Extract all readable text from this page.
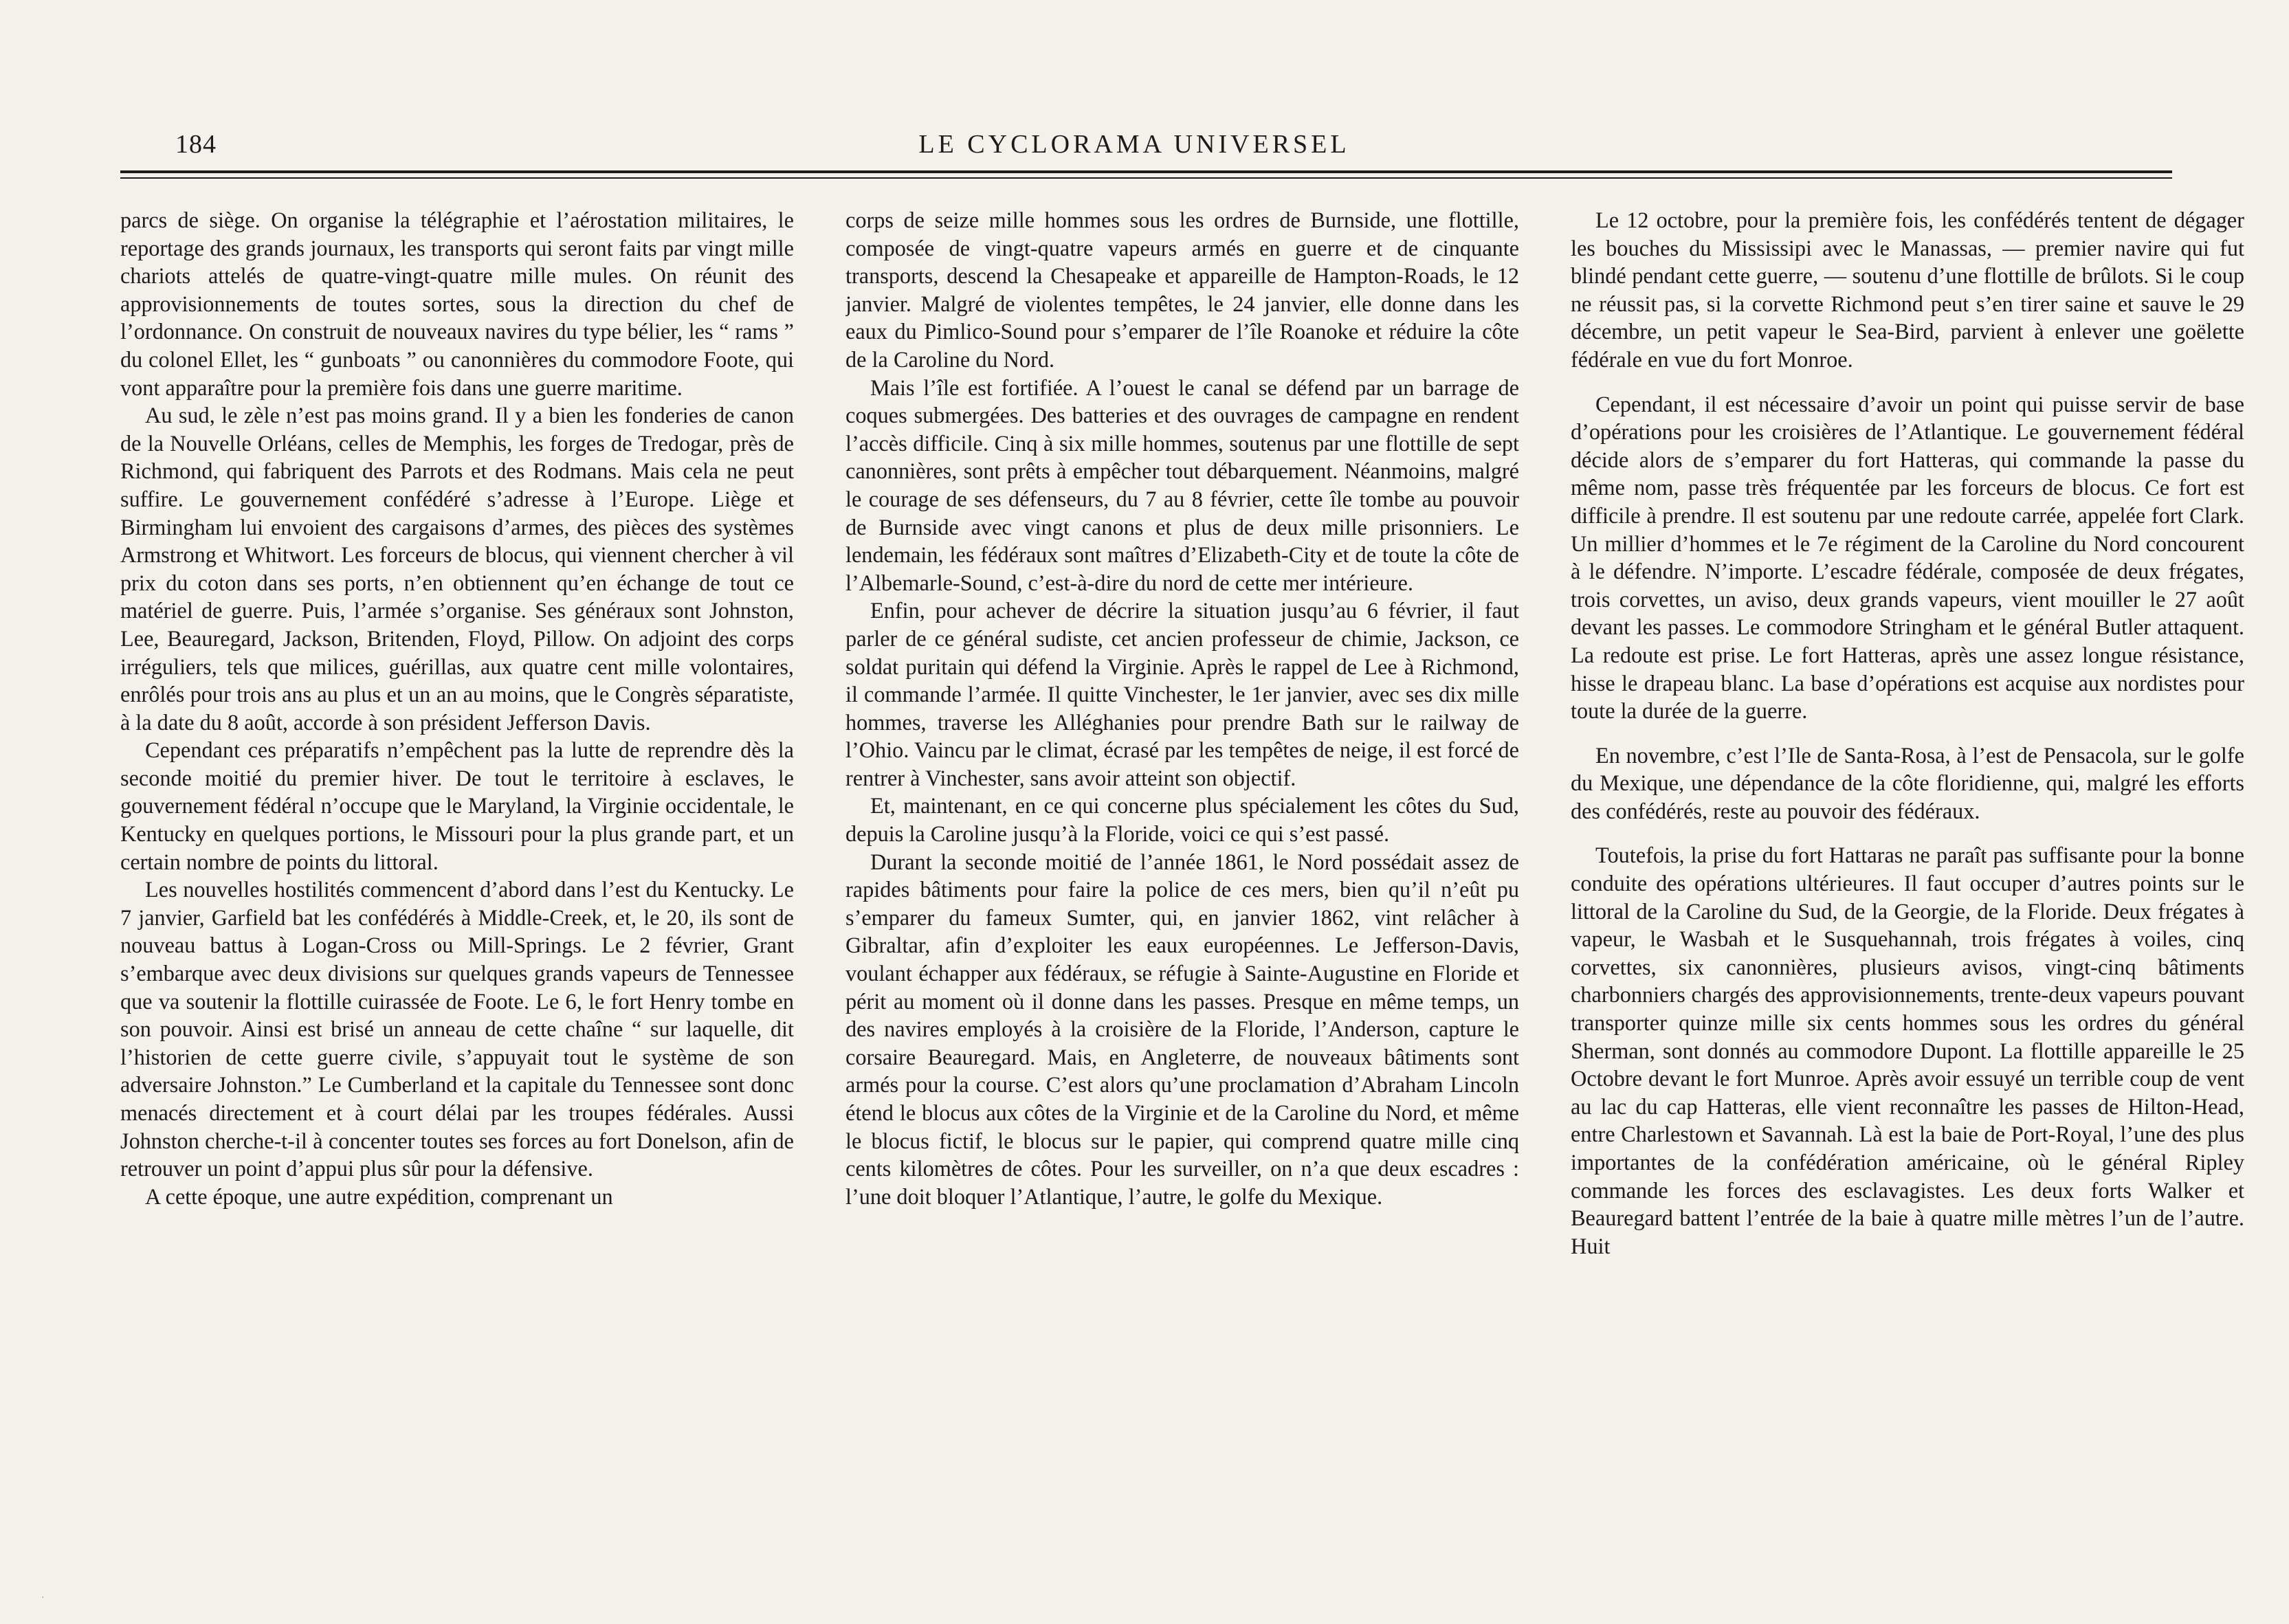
184	LE CYCLORAMA UNIVERSEL

parcs de siège. On organise la télégraphie et l’aérostation militaires, le reportage des grands journaux, les transports qui seront faits par vingt mille chariots attelés de quatre-vingt-quatre mille mules. On réunit des approvisionnements de toutes sortes, sous la direction du chef de l’ordonnance. On construit de nouveaux navires du type bélier, les “ rams ” du colonel Ellet, les “ gunboats ” ou canonnières du commodore Foote, qui vont apparaître pour la première fois dans une guerre maritime.

Au sud, le zèle n’est pas moins grand. Il y a bien les fonderies de canon de la Nouvelle Orléans, celles de Memphis, les forges de Tredogar, près de Richmond, qui fabriquent des Parrots et des Rodmans. Mais cela ne peut suffire. Le gouvernement confédéré s’adresse à l’Europe. Liège et Birmingham lui envoient des cargaisons d’armes, des pièces des systèmes Armstrong et Whitwort. Les forceurs de blocus, qui viennent chercher à vil prix du coton dans ses ports, n’en obtiennent qu’en échange de tout ce matériel de guerre. Puis, l’armée s’organise. Ses généraux sont Johnston, Lee, Beauregard, Jackson, Britenden, Floyd, Pillow. On adjoint des corps irréguliers, tels que milices, guérillas, aux quatre cent mille volontaires, enrôlés pour trois ans au plus et un an au moins, que le Congrès séparatiste, à la date du 8 août, accorde à son président Jefferson Davis.

Cependant ces préparatifs n’empêchent pas la lutte de reprendre dès la seconde moitié du premier hiver. De tout le territoire à esclaves, le gouvernement fédéral n’occupe que le Maryland, la Virginie occidentale, le Kentucky en quelques portions, le Missouri pour la plus grande part, et un certain nombre de points du littoral.

Les nouvelles hostilités commencent d’abord dans l’est du Kentucky. Le 7 janvier, Garfield bat les confédérés à Middle-Creek, et, le 20, ils sont de nouveau battus à Logan-Cross ou Mill-Springs. Le 2 février, Grant s’embarque avec deux divisions sur quelques grands vapeurs de Tennessee que va soutenir la flottille cuirassée de Foote. Le 6, le fort Henry tombe en son pouvoir. Ainsi est brisé un anneau de cette chaîne “ sur laquelle, dit l’historien de cette guerre civile, s’appuyait tout le système de son adversaire Johnston.” Le Cumberland et la capitale du Tennessee sont donc menacés directement et à court délai par les troupes fédérales. Aussi Johnston cherche-t-il à concenter toutes ses forces au fort Donelson, afin de retrouver un point d’appui plus sûr pour la défensive.

A cette époque, une autre expédition, comprenant un

corps de seize mille hommes sous les ordres de Burnside, une flottille, composée de vingt-quatre vapeurs armés en guerre et de cinquante transports, descend la Chesapeake et appareille de Hampton-Roads, le 12 janvier. Malgré de violentes tempêtes, le 24 janvier, elle donne dans les eaux du Pimlico-Sound pour s’emparer de l’île Roanoke et réduire la côte de la Caroline du Nord.

Mais l’île est fortifiée. A l’ouest le canal se défend par un barrage de coques submergées. Des batteries et des ouvrages de campagne en rendent l’accès difficile. Cinq à six mille hommes, soutenus par une flottille de sept canonnières, sont prêts à empêcher tout débarquement. Néanmoins, malgré le courage de ses défenseurs, du 7 au 8 février, cette île tombe au pouvoir de Burnside avec vingt canons et plus de deux mille prisonniers. Le lendemain, les fédéraux sont maîtres d’Elizabeth-City et de toute la côte de l’Albemarle-Sound, c’est-à-dire du nord de cette mer intérieure.

Enfin, pour achever de décrire la situation jusqu’au 6 février, il faut parler de ce général sudiste, cet ancien professeur de chimie, Jackson, ce soldat puritain qui défend la Virginie. Après le rappel de Lee à Richmond, il commande l’armée. Il quitte Vinchester, le 1er janvier, avec ses dix mille hommes, traverse les Alléghanies pour prendre Bath sur le railway de l’Ohio. Vaincu par le climat, écrasé par les tempêtes de neige, il est forcé de rentrer à Vinchester, sans avoir atteint son objectif.

Et, maintenant, en ce qui concerne plus spécialement les côtes du Sud, depuis la Caroline jusqu’à la Floride, voici ce qui s’est passé.

Durant la seconde moitié de l’année 1861, le Nord possédait assez de rapides bâtiments pour faire la police de ces mers, bien qu’il n’eût pu s’emparer du fameux Sumter, qui, en janvier 1862, vint relâcher à Gibraltar, afin d’exploiter les eaux européennes. Le Jefferson-Davis, voulant échapper aux fédéraux, se réfugie à Sainte-Augustine en Floride et périt au moment où il donne dans les passes. Presque en même temps, un des navires employés à la croisière de la Floride, l’Anderson, capture le corsaire Beauregard. Mais, en Angleterre, de nouveaux bâtiments sont armés pour la course. C’est alors qu’une proclamation d’Abraham Lincoln étend le blocus aux côtes de la Virginie et de la Caroline du Nord, et même le blocus fictif, le blocus sur le papier, qui comprend quatre mille cinq cents kilomètres de côtes. Pour les surveiller, on n’a que deux escadres : l’une doit bloquer l’Atlantique, l’autre, le golfe du Mexique.

Le 12 octobre, pour la première fois, les confédérés tentent de dégager les bouches du Mississipi avec le Manassas, — premier navire qui fut blindé pendant cette guerre, — soutenu d’une flottille de brûlots. Si le coup ne réussit pas, si la corvette Richmond peut s’en tirer saine et sauve le 29 décembre, un petit vapeur le Sea-Bird, parvient à enlever une goëlette fédérale en vue du fort Monroe.

Cependant, il est nécessaire d’avoir un point qui puisse servir de base d’opérations pour les croisières de l’Atlantique. Le gouvernement fédéral décide alors de s’emparer du fort Hatteras, qui commande la passe du même nom, passe très fréquentée par les forceurs de blocus. Ce fort est difficile à prendre. Il est soutenu par une redoute carrée, appelée fort Clark. Un millier d’hommes et le 7e régiment de la Caroline du Nord concourent à le défendre. N’importe. L’escadre fédérale, composée de deux frégates, trois corvettes, un aviso, deux grands vapeurs, vient mouiller le 27 août devant les passes. Le commodore Stringham et le général Butler attaquent. La redoute est prise. Le fort Hatteras, après une assez longue résistance, hisse le drapeau blanc. La base d’opérations est acquise aux nordistes pour toute la durée de la guerre.

En novembre, c’est l’Ile de Santa-Rosa, à l’est de Pensacola, sur le golfe du Mexique, une dépendance de la côte floridienne, qui, malgré les efforts des confédérés, reste au pouvoir des fédéraux.

Toutefois, la prise du fort Hattaras ne paraît pas suffisante pour la bonne conduite des opérations ultérieures. Il faut occuper d’autres points sur le littoral de la Caroline du Sud, de la Georgie, de la Floride. Deux frégates à vapeur, le Wasbah et le Susquehannah, trois frégates à voiles, cinq corvettes, six canonnières, plusieurs avisos, vingt-cinq bâtiments charbonniers chargés des approvisionnements, trente-deux vapeurs pouvant transporter quinze mille six cents hommes sous les ordres du général Sherman, sont donnés au commodore Dupont. La flottille appareille le 25 Octobre devant le fort Munroe. Après avoir essuyé un terrible coup de vent au lac du cap Hatteras, elle vient reconnaître les passes de Hilton-Head, entre Charlestown et Savannah. Là est la baie de Port-Royal, l’une des plus importantes de la confédération américaine, où le général Ripley commande les forces des esclavagistes. Les deux forts Walker et Beauregard battent l’entrée de la baie à quatre mille mètres l’un de l’autre. Huit

·
